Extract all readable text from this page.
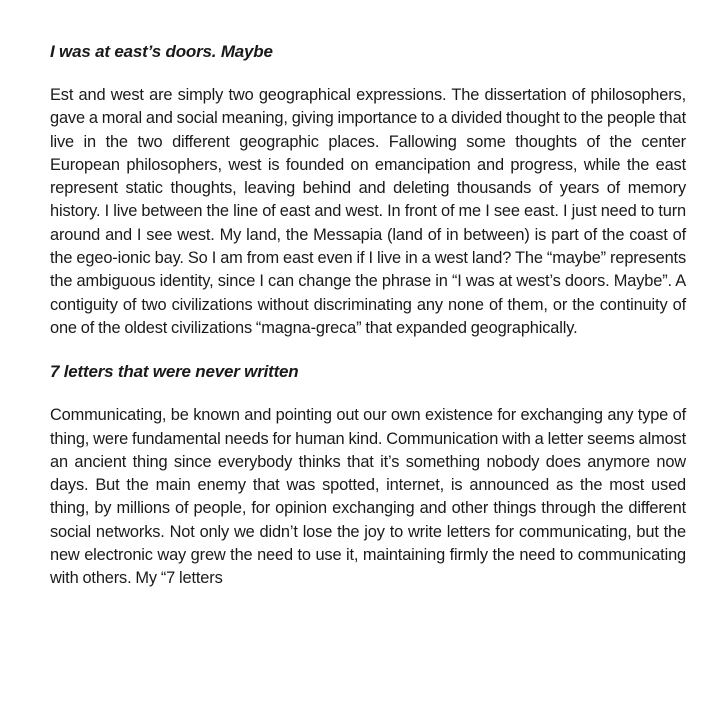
I was at east’s doors. Maybe

Est and west are simply two geographical expressions. The dissertation of philosophers, gave a moral and social meaning, giving importance to a divided thought to the people that live in the two different geographic places. Fallowing some thoughts of the center European philosophers, west is founded on emancipation and progress, while the east represent static thoughts, leaving behind and deleting thousands of years of memory history. I live between the line of east and west. In front of me I see east. I just need to turn around and I see west. My land, the Messapia (land of in between) is part of the coast of the egeo-ionic bay. So I am from east even if I live in a west land? The “maybe” represents the ambiguous identity, since I can change the phrase in “I was at west’s doors. Maybe”. A contiguity of two civilizations without discriminating any none of them, or the continuity of one of the oldest civilizations “magna-greca” that expanded geographically.

7 letters that were never written

Communicating, be known and pointing out our own existence for exchanging any type of thing, were fundamental needs for human kind. Communication with a letter seems almost an ancient thing since everybody thinks that it’s something nobody does anymore now days. But the main enemy that was spotted, internet, is announced as the most used thing, by millions of people, for opinion exchanging and other things through the different social networks. Not only we didn’t lose the joy to write letters for communicating, but the new electronic way grew the need to use it, maintaining firmly the need to communicating with others. My “7 letters
